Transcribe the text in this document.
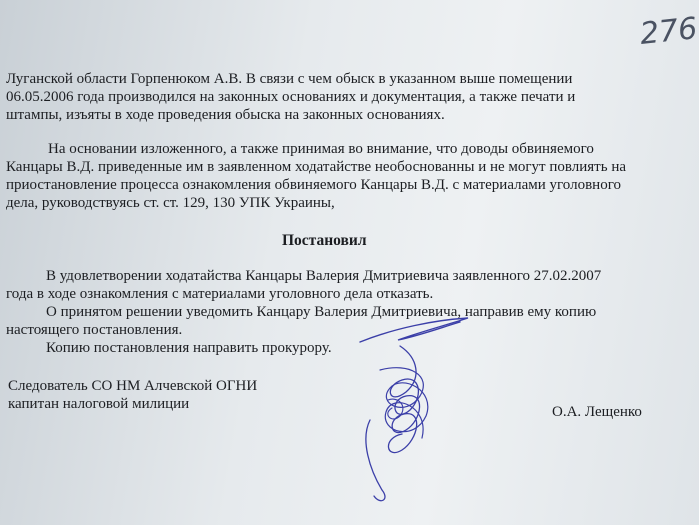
276
Луганской области Горпенюком А.В. В связи с чем обыск в указанном выше помещении
06.05.2006 года производился на законных основаниях и документация, а также печати и
штампы, изъяты в ходе проведения обыска на законных основаниях.
На основании изложенного, а также принимая во внимание, что доводы обвиняемого
Канцары В.Д. приведенные им в заявленном ходатайстве необоснованны и не могут повлиять на
приостановление процесса ознакомления обвиняемого Канцары В.Д. с материалами уголовного
дела, руководствуясь ст. ст. 129, 130 УПК Украины,
Постановил
В удовлетворении ходатайства Канцары Валерия Дмитриевича заявленного 27.02.2007
года в ходе ознакомления с материалами уголовного дела отказать.
О принятом решении уведомить Канцару Валерия Дмитриевича, направив ему копию
настоящего постановления.
Копию постановления направить прокурору.
Следователь СО НМ Алчевской ОГНИ
капитан налоговой милиции	О.А. Лещенко
